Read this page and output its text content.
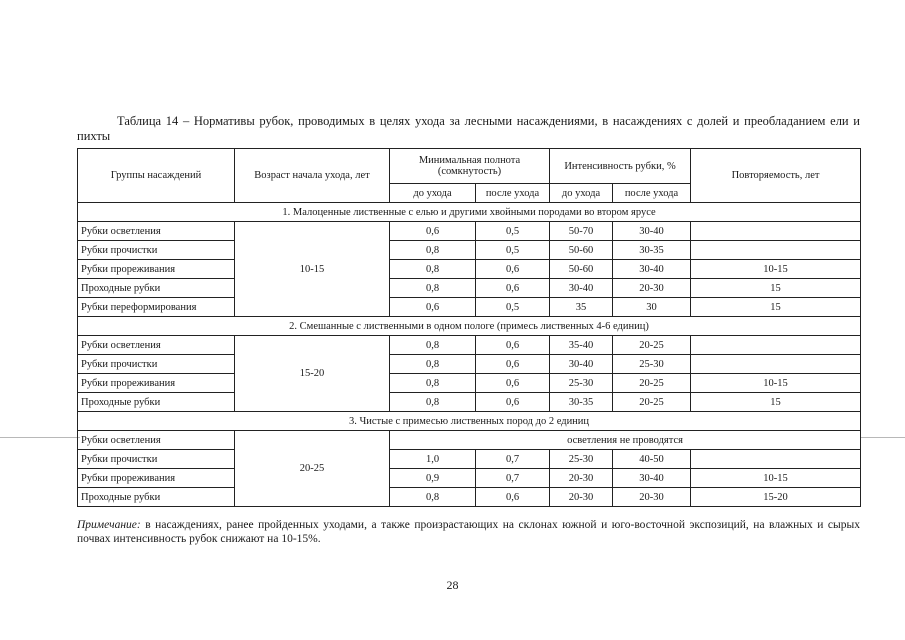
Таблица 14 – Нормативы рубок, проводимых в целях ухода за лесными насаждениями, в насаждениях с долей и преобладанием ели и пихты
Группы насаждений	Возраст начала ухода, лет	Минимальная полнота (сомкнутость)		Интенсивность рубки, %		Повторяемость, лет
		до ухода	после ухода	до ухода	после ухода	
1. Малоценные лиственные с елью и другими хвойными породами во втором ярусе						
Рубки осветления	10-15	0,6	0,5	50-70	30-40	
Рубки прочистки		0,8	0,5	50-60	30-35	
Рубки прореживания		0,8	0,6	50-60	30-40	10-15
Проходные рубки		0,8	0,6	30-40	20-30	15
Рубки переформирования		0,6	0,5	35	30	15
2. Смешанные с лиственными в одном пологе (примесь лиственных 4-6 единиц)						
Рубки осветления	15-20	0,8	0,6	35-40	20-25	
Рубки прочистки		0,8	0,6	30-40	25-30	
Рубки прореживания		0,8	0,6	25-30	20-25	10-15
Проходные рубки		0,8	0,6	30-35	20-25	15
3. Чистые с примесью лиственных пород до 2 единиц						
Рубки осветления	20-25	осветления не проводятся				
Рубки прочистки		1,0	0,7	25-30	40-50	
Рубки прореживания		0,9	0,7	20-30	30-40	10-15
Проходные рубки		0,8	0,6	20-30	20-30	15-20
Примечание: в насаждениях, ранее пройденных уходами, а также произрастающих на склонах южной и юго-восточной экспозиций, на влажных и сырых почвах интенсивность рубок снижают на 10-15%.
28
